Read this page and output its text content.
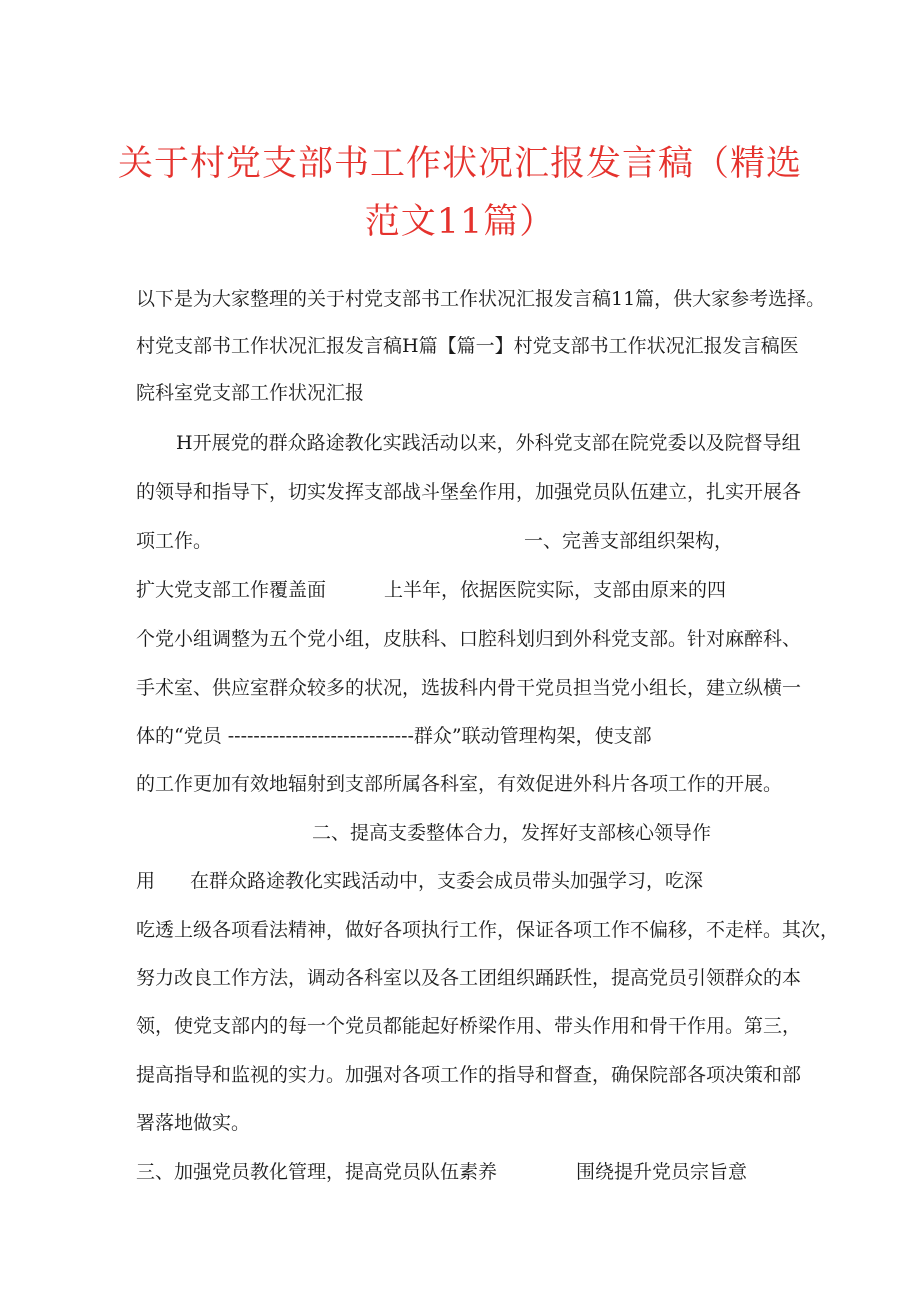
关于村党支部书工作状况汇报发言稿（精选
范文11篇）
以下是为大家整理的关于村党支部书工作状况汇报发言稿11篇，供大家参考选择。
村党支部书工作状况汇报发言稿H篇【篇一】村党支部书工作状况汇报发言稿医
院科室党支部工作状况汇报
H开展党的群众路途教化实践活动以来，外科党支部在院党委以及院督导组
的领导和指导下，切实发挥支部战斗堡垒作用，加强党员队伍建立，扎实开展各
项工作。	一、完善支部组织架构，
扩大党支部工作覆盖面	上半年，依据医院实际，支部由原来的四
个党小组调整为五个党小组，皮肤科、口腔科划归到外科党支部。针对麻醉科、
手术室、供应室群众较多的状况，选拔科内骨干党员担当党小组长，建立纵横一
体的“党员 -----------------------------群众”联动管理构架，使支部
的工作更加有效地辐射到支部所属各科室，有效促进外科片各项工作的开展。
二、提高支委整体合力，发挥好支部核心领导作
用 在群众路途教化实践活动中，支委会成员带头加强学习，吃深
吃透上级各项看法精神，做好各项执行工作，保证各项工作不偏移，不走样。其次，
努力改良工作方法，调动各科室以及各工团组织踊跃性，提高党员引领群众的本
领，使党支部内的每一个党员都能起好桥梁作用、带头作用和骨干作用。第三，
提高指导和监视的实力。加强对各项工作的指导和督查，确保院部各项决策和部
署落地做实。
三、加强党员教化管理，提高党员队伍素养	围绕提升党员宗旨意
